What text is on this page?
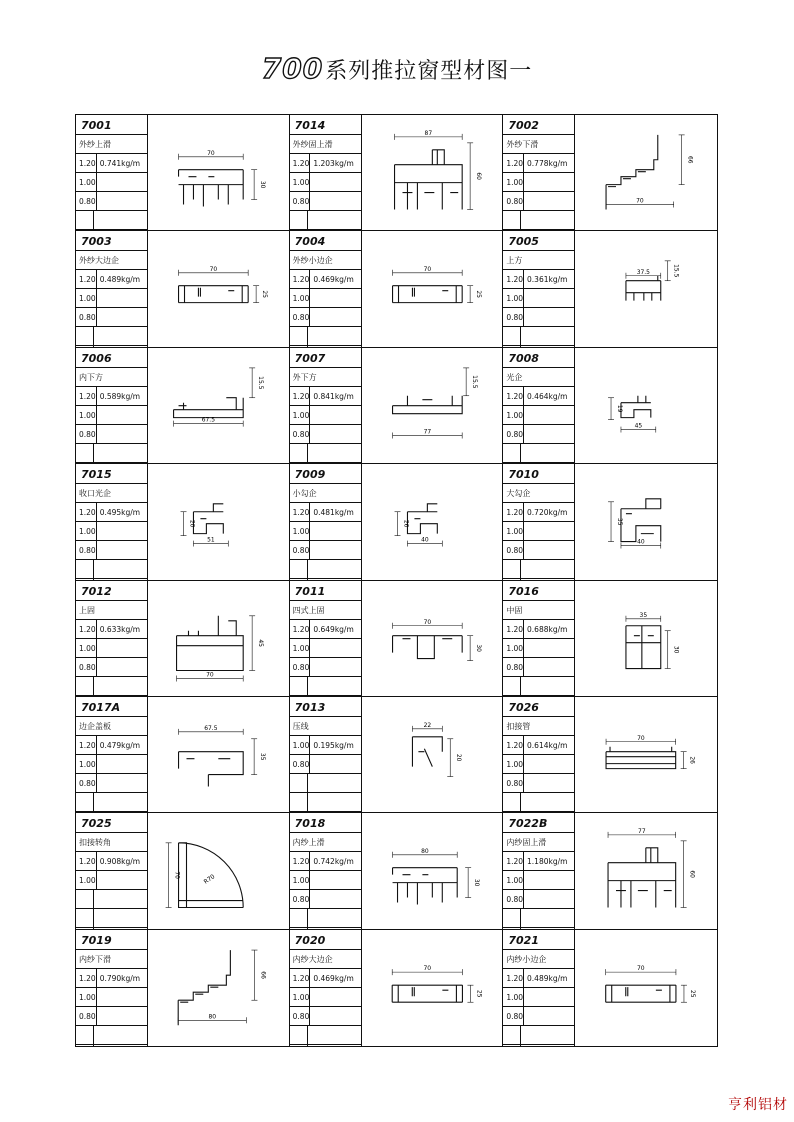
700系列推拉窗型材图一
7001
外纱上滑
1.20 0.741kg/m
1.00
0.80
70
30
7014
外纱固上滑
1.20 1.203kg/m
1.00
0.80
87
60
7002
外纱下滑
1.20 0.778kg/m
1.00
0.80	70
66
7003
外纱大边企
1.20 0.489kg/m
1.00
0.80
70
25
7004
外纱小边企
1.20 0.469kg/m
1.00
0.80
70
25
7005
上方
1.20 0.361kg/m
1.00
0.80
37.5	15.5
7006
内下方
1.20 0.589kg/m
1.00
0.80
67.5
15.5
7007
外下方
1.20 0.841kg/m
1.00
0.80	77
15.5
7008
光企
1.20 0.464kg/m
1.00
0.80
45
19
7015
收口光企
1.20 0.495kg/m
1.00
0.80
51
20
7009
小勾企
1.20 0.481kg/m
1.00
0.80
40
26
7010
大勾企
1.20 0.720kg/m
1.00
0.80
40
35
7012
上固
1.20 0.633kg/m
1.00
0.80
70
45
7011
四式上固
1.20 0.649kg/m
1.00
0.80
70
30
7016
中固
1.20 0.688kg/m
1.00
0.80
35
30
7017A
边企盖板
1.20 0.479kg/m
1.00
0.80
67.5
35
7013
压线
1.00 0.195kg/m
0.80
22
20
7026
扣接管
1.20 0.614kg/m
1.00
0.80
70
26
7025
扣接转角
1.20 0.908kg/m
1.00
70	R70
7018
内纱上滑
1.20 0.742kg/m
1.00
0.80
80
30
7022B
内纱固上滑
1.20 1.180kg/m
1.00
0.80
77
60
7019
内纱下滑
1.20 0.790kg/m
1.00
0.80	80
66
7020
内纱大边企
1.20 0.469kg/m
1.00
0.80
70
25
7021
内纱小边企
1.20 0.489kg/m
1.00
0.80
70
25
亨利铝材
